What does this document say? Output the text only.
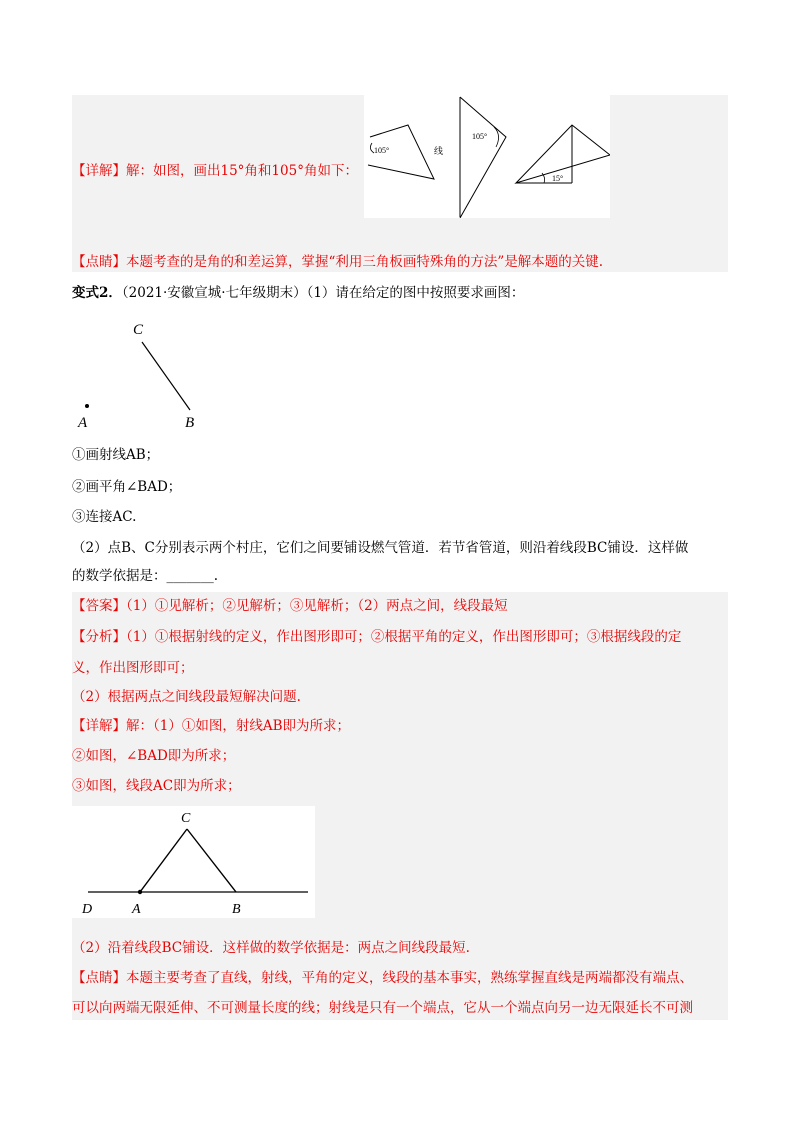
105°	线
105°
15°
【详解】解：如图，画出15°角和105°角如下：
【点睛】本题考查的是角的和差运算，掌握“利用三角板画特殊角的方法”是解本题的关键.
变式2．（2021·安徽宣城·七年级期末）（1）请在给定的图中按照要求画图：
C
A	B
①画射线AB；
②画平角∠BAD；
③连接AC.
（2）点B、C分别表示两个村庄，它们之间要铺设燃气管道．若节省管道，则沿着线段BC铺设．这样做
的数学依据是：_______.
【答案】（1）①见解析；②见解析；③见解析；（2）两点之间，线段最短
【分析】（1）①根据射线的定义，作出图形即可；②根据平角的定义，作出图形即可；③根据线段的定
义，作出图形即可；
（2）根据两点之间线段最短解决问题.
【详解】解：（1）①如图，射线AB即为所求；
②如图，∠BAD即为所求；
③如图，线段AC即为所求；
C
D	A	B
（2）沿着线段BC铺设．这样做的数学依据是：两点之间线段最短.
【点睛】本题主要考查了直线，射线，平角的定义，线段的基本事实，熟练掌握直线是两端都没有端点、
可以向两端无限延伸、不可测量长度的线；射线是只有一个端点，它从一个端点向另一边无限延长不可测
